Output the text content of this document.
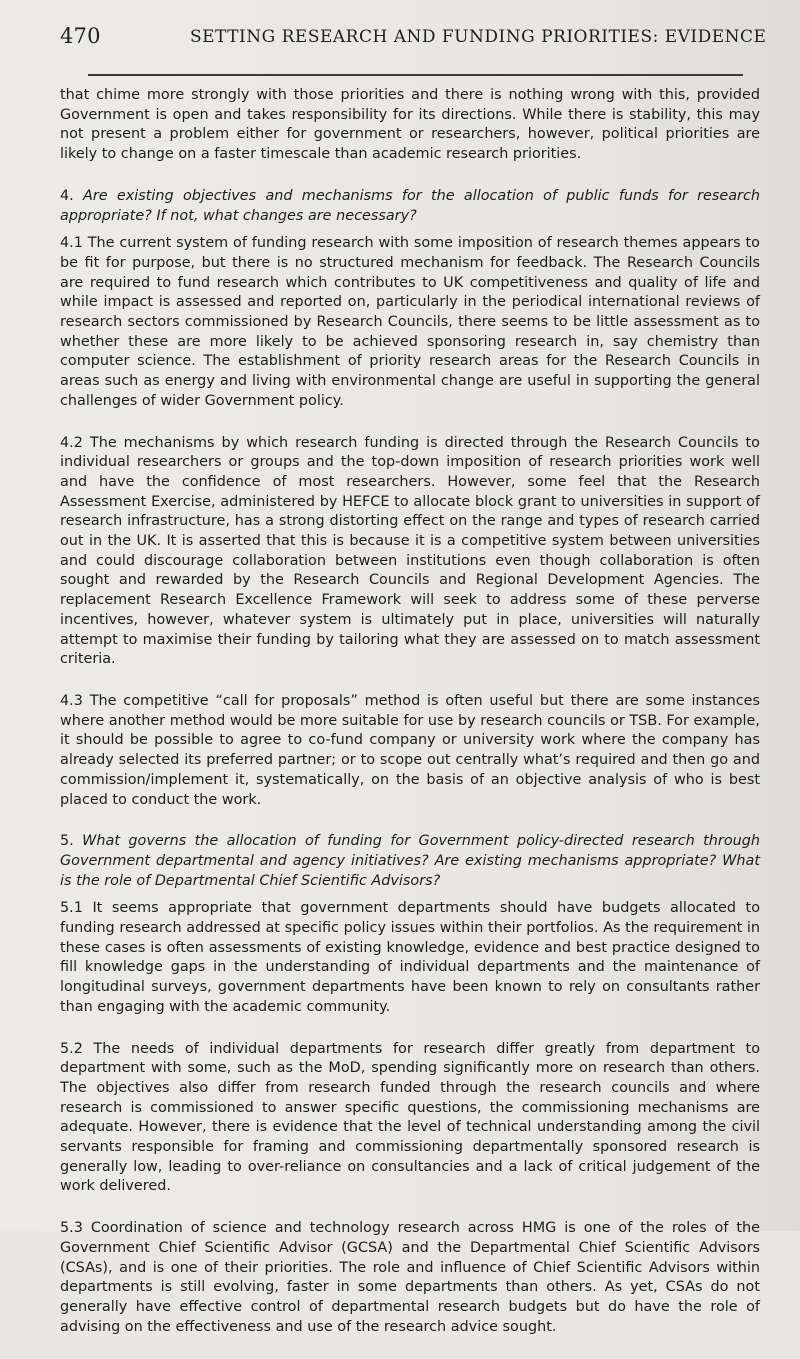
470	SETTING RESEARCH AND FUNDING PRIORITIES: EVIDENCE

that chime more strongly with those priorities and there is nothing wrong with this, provided Government is open and takes responsibility for its directions. While there is stability, this may not present a problem either for government or researchers, however, political priorities are likely to change on a faster timescale than academic research priorities.

4. Are existing objectives and mechanisms for the allocation of public funds for research appropriate? If not, what changes are necessary?

4.1 The current system of funding research with some imposition of research themes appears to be fit for purpose, but there is no structured mechanism for feedback. The Research Councils are required to fund research which contributes to UK competitiveness and quality of life and while impact is assessed and reported on, particularly in the periodical international reviews of research sectors commissioned by Research Councils, there seems to be little assessment as to whether these are more likely to be achieved sponsoring research in, say chemistry than computer science. The establishment of priority research areas for the Research Councils in areas such as energy and living with environmental change are useful in supporting the general challenges of wider Government policy.

4.2 The mechanisms by which research funding is directed through the Research Councils to individual researchers or groups and the top-down imposition of research priorities work well and have the confidence of most researchers. However, some feel that the Research Assessment Exercise, administered by HEFCE to allocate block grant to universities in support of research infrastructure, has a strong distorting effect on the range and types of research carried out in the UK. It is asserted that this is because it is a competitive system between universities and could discourage collaboration between institutions even though collaboration is often sought and rewarded by the Research Councils and Regional Development Agencies. The replacement Research Excellence Framework will seek to address some of these perverse incentives, however, whatever system is ultimately put in place, universities will naturally attempt to maximise their funding by tailoring what they are assessed on to match assessment criteria.

4.3 The competitive “call for proposals” method is often useful but there are some instances where another method would be more suitable for use by research councils or TSB. For example, it should be possible to agree to co-fund company or university work where the company has already selected its preferred partner; or to scope out centrally what’s required and then go and commission/implement it, systematically, on the basis of an objective analysis of who is best placed to conduct the work.

5. What governs the allocation of funding for Government policy-directed research through Government departmental and agency initiatives? Are existing mechanisms appropriate? What is the role of Departmental Chief Scientific Advisors?

5.1 It seems appropriate that government departments should have budgets allocated to funding research addressed at specific policy issues within their portfolios. As the requirement in these cases is often assessments of existing knowledge, evidence and best practice designed to fill knowledge gaps in the understanding of individual departments and the maintenance of longitudinal surveys, government departments have been known to rely on consultants rather than engaging with the academic community.

5.2 The needs of individual departments for research differ greatly from department to department with some, such as the MoD, spending significantly more on research than others. The objectives also differ from research funded through the research councils and where research is commissioned to answer specific questions, the commissioning mechanisms are adequate. However, there is evidence that the level of technical understanding among the civil servants responsible for framing and commissioning departmentally sponsored research is generally low, leading to over-reliance on consultancies and a lack of critical judgement of the work delivered.

5.3 Coordination of science and technology research across HMG is one of the roles of the Government Chief Scientific Advisor (GCSA) and the Departmental Chief Scientific Advisors (CSAs), and is one of their priorities. The role and influence of Chief Scientific Advisors within departments is still evolving, faster in some departments than others. As yet, CSAs do not generally have effective control of departmental research budgets but do have the role of advising on the effectiveness and use of the research advice sought.
